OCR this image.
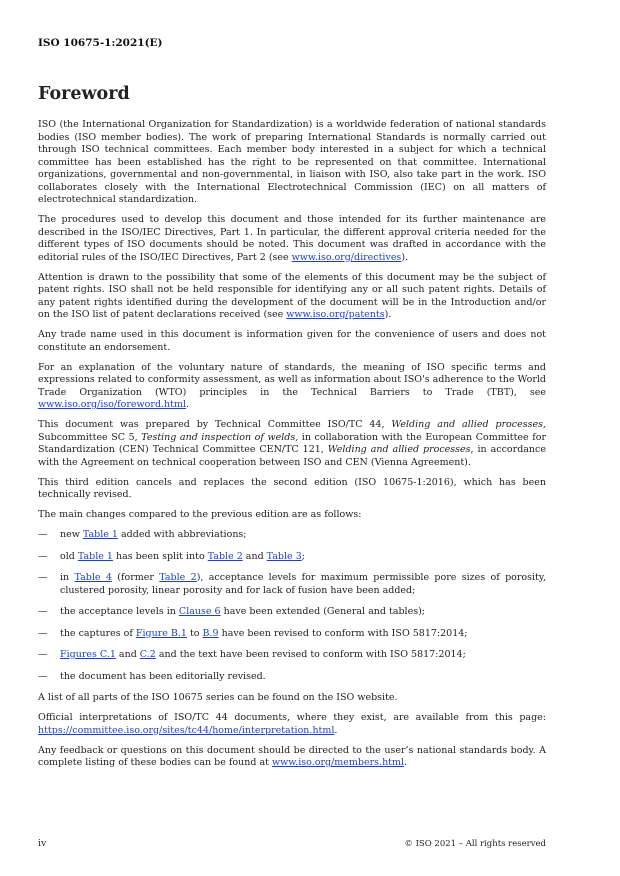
ISO 10675-1:2021(E)
Foreword

ISO (the International Organization for Standardization) is a worldwide federation of national standards bodies (ISO member bodies). The work of preparing International Standards is normally carried out through ISO technical committees. Each member body interested in a subject for which a technical committee has been established has the right to be represented on that committee. International organizations, governmental and non-governmental, in liaison with ISO, also take part in the work. ISO collaborates closely with the International Electrotechnical Commission (IEC) on all matters of electrotechnical standardization.

The procedures used to develop this document and those intended for its further maintenance are described in the ISO/IEC Directives, Part 1. In particular, the different approval criteria needed for the different types of ISO documents should be noted. This document was drafted in accordance with the editorial rules of the ISO/IEC Directives, Part 2 (see www.iso.org/directives).

Attention is drawn to the possibility that some of the elements of this document may be the subject of patent rights. ISO shall not be held responsible for identifying any or all such patent rights. Details of any patent rights identified during the development of the document will be in the Introduction and/or on the ISO list of patent declarations received (see www.iso.org/patents).

Any trade name used in this document is information given for the convenience of users and does not constitute an endorsement.

For an explanation of the voluntary nature of standards, the meaning of ISO specific terms and expressions related to conformity assessment, as well as information about ISO's adherence to the World Trade Organization (WTO) principles in the Technical Barriers to Trade (TBT), see www.iso.org/iso/foreword.html.

This document was prepared by Technical Committee ISO/TC 44, Welding and allied processes, Subcommittee SC 5, Testing and inspection of welds, in collaboration with the European Committee for Standardization (CEN) Technical Committee CEN/TC 121, Welding and allied processes, in accordance with the Agreement on technical cooperation between ISO and CEN (Vienna Agreement).

This third edition cancels and replaces the second edition (ISO 10675-1:2016), which has been technically revised.

The main changes compared to the previous edition are as follows:

— new Table 1 added with abbreviations;

— old Table 1 has been split into Table 2 and Table 3;

— in Table 4 (former Table 2), acceptance levels for maximum permissible pore sizes of porosity, clustered porosity, linear porosity and for lack of fusion have been added;

— the acceptance levels in Clause 6 have been extended (General and tables);

— the captures of Figure B.1 to B.9 have been revised to conform with ISO 5817:2014;

— Figures C.1 and C.2 and the text have been revised to conform with ISO 5817:2014;

— the document has been editorially revised.

A list of all parts of the ISO 10675 series can be found on the ISO website.

Official interpretations of ISO/TC 44 documents, where they exist, are available from this page: https://committee.iso.org/sites/tc44/home/interpretation.html.

Any feedback or questions on this document should be directed to the user’s national standards body. A complete listing of these bodies can be found at www.iso.org/members.html.

iv	© ISO 2021 – All rights reserved
